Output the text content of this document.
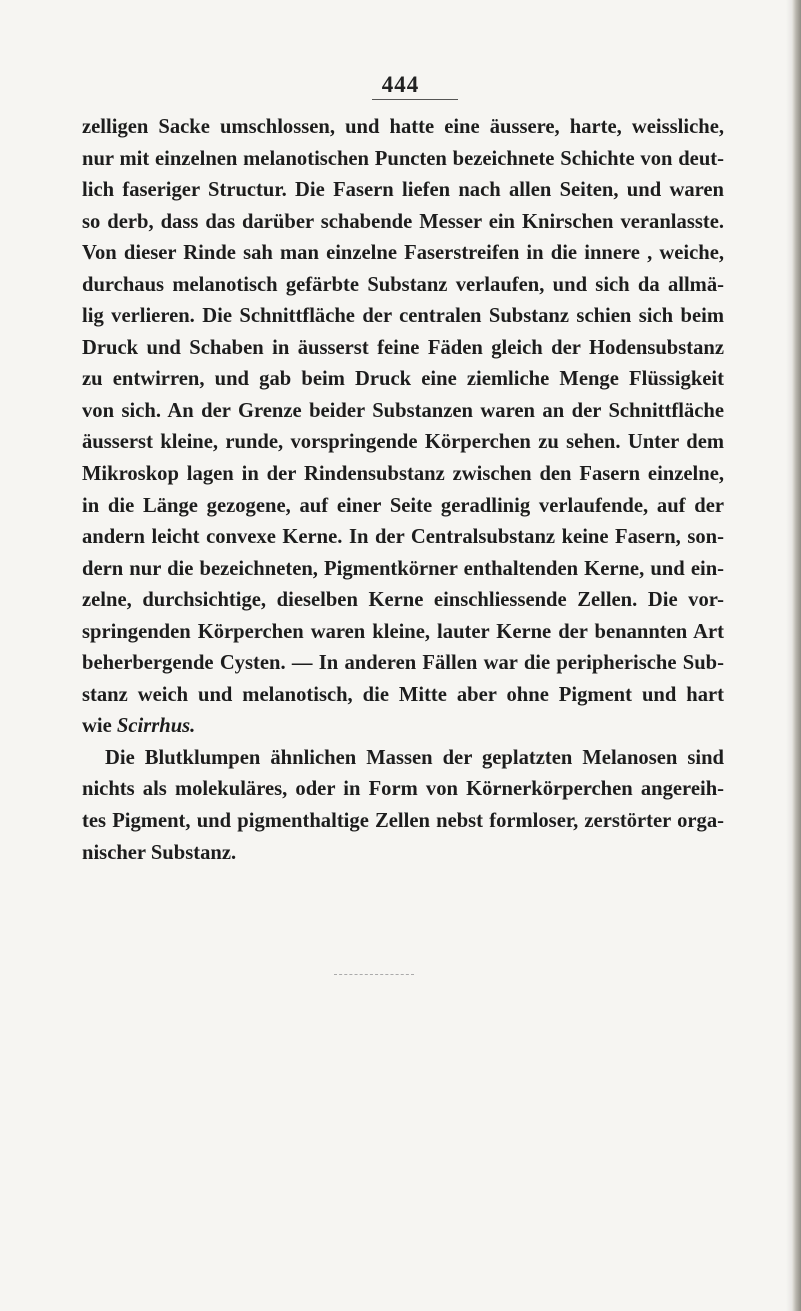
444
zelligen Sacke umschlossen, und hatte eine äussere, harte, weissliche,
nur mit einzelnen melanotischen Puncten bezeichnete Schichte von deut-
lich faseriger Structur. Die Fasern liefen nach allen Seiten, und waren
so derb, dass das darüber schabende Messer ein Knirschen veranlasste.
Von dieser Rinde sah man einzelne Faserstreifen in die innere , weiche,
durchaus melanotisch gefärbte Substanz verlaufen, und sich da allmä-
lig verlieren. Die Schnittfläche der centralen Substanz schien sich beim
Druck und Schaben in äusserst feine Fäden gleich der Hodensubstanz
zu entwirren, und gab beim Druck eine ziemliche Menge Flüssigkeit
von sich. An der Grenze beider Substanzen waren an der Schnittfläche
äusserst kleine, runde, vorspringende Körperchen zu sehen. Unter dem
Mikroskop lagen in der Rindensubstanz zwischen den Fasern einzelne,
in die Länge gezogene, auf einer Seite geradlinig verlaufende, auf der
andern leicht convexe Kerne. In der Centralsubstanz keine Fasern, son-
dern nur die bezeichneten, Pigmentkörner enthaltenden Kerne, und ein-
zelne, durchsichtige, dieselben Kerne einschliessende Zellen. Die vor-
springenden Körperchen waren kleine, lauter Kerne der benannten Art
beherbergende Cysten. — In anderen Fällen war die peripherische Sub-
stanz weich und melanotisch, die Mitte aber ohne Pigment und hart
wie Scirrhus.
Die Blutklumpen ähnlichen Massen der geplatzten Melanosen sind
nichts als molekuläres, oder in Form von Körnerkörperchen angereih-
tes Pigment, und pigmenthaltige Zellen nebst formloser, zerstörter orga-
nischer Substanz.
